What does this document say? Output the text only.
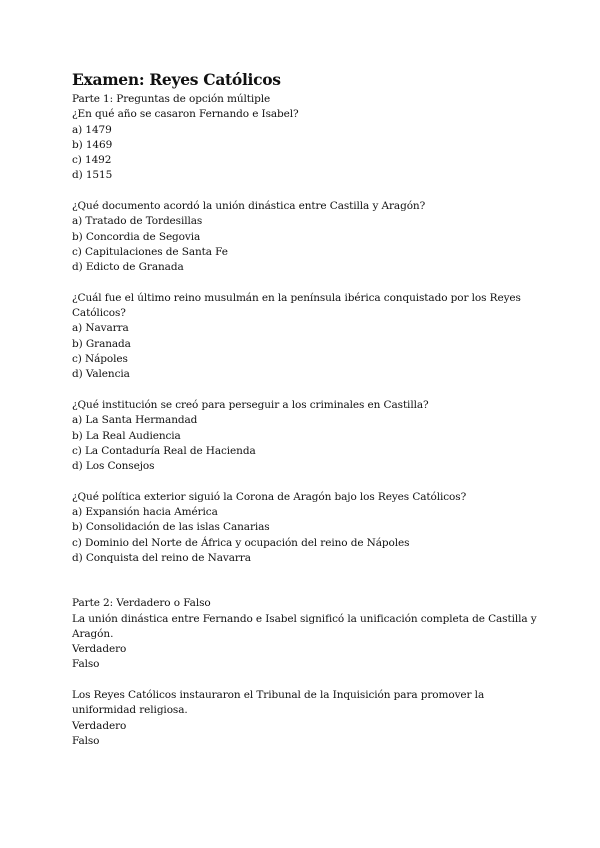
Examen: Reyes Católicos

Parte 1: Preguntas de opción múltiple

¿En qué año se casaron Fernando e Isabel?

a) 1479

b) 1469

c) 1492

d) 1515

¿Qué documento acordó la unión dinástica entre Castilla y Aragón?

a) Tratado de Tordesillas

b) Concordia de Segovia

c) Capitulaciones de Santa Fe

d) Edicto de Granada

¿Cuál fue el último reino musulmán en la península ibérica conquistado por los Reyes Católicos?

a) Navarra

b) Granada

c) Nápoles

d) Valencia

¿Qué institución se creó para perseguir a los criminales en Castilla?

a) La Santa Hermandad

b) La Real Audiencia

c) La Contaduría Real de Hacienda

d) Los Consejos

¿Qué política exterior siguió la Corona de Aragón bajo los Reyes Católicos?

a) Expansión hacia América

b) Consolidación de las islas Canarias

c) Dominio del Norte de África y ocupación del reino de Nápoles

d) Conquista del reino de Navarra

Parte 2: Verdadero o Falso

La unión dinástica entre Fernando e Isabel significó la unificación completa de Castilla y Aragón.

Verdadero

Falso

Los Reyes Católicos instauraron el Tribunal de la Inquisición para promover la uniformidad religiosa.

Verdadero

Falso
